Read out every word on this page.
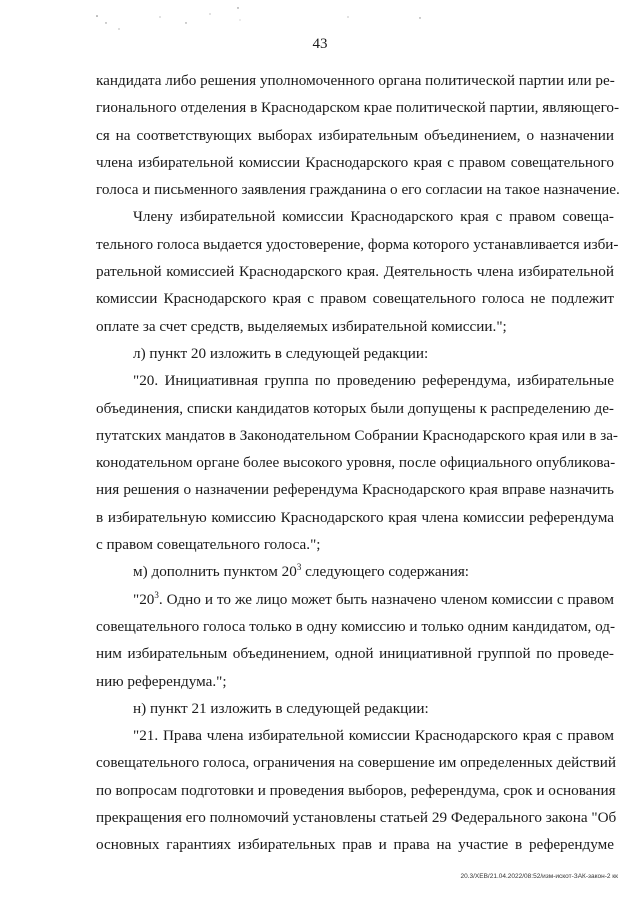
43

кандидата либо решения уполномоченного органа политической партии или ре-
гионального отделения в Краснодарском крае политической партии, являющего-
ся на соответствующих выборах избирательным объединением, о назначении
члена избирательной комиссии Краснодарского края с правом совещательного
голоса и письменного заявления гражданина о его согласии на такое назначение.

Члену избирательной комиссии Краснодарского края с правом совеща-
тельного голоса выдается удостоверение, форма которого устанавливается изби-
рательной комиссией Краснодарского края. Деятельность члена избирательной
комиссии Краснодарского края с правом совещательного голоса не подлежит
оплате за счет средств, выделяемых избирательной комиссии.";

л) пункт 20 изложить в следующей редакции:

"20. Инициативная группа по проведению референдума, избирательные
объединения, списки кандидатов которых были допущены к распределению де-
путатских мандатов в Законодательном Собрании Краснодарского края или в за-
конодательном органе более высокого уровня, после официального опубликова-
ния решения о назначении референдума Краснодарского края вправе назначить
в избирательную комиссию Краснодарского края члена комиссии референдума
с правом совещательного голоса.";

м) дополнить пунктом $20^3$ следующего содержания:

"$20^3$. Одно и то же лицо может быть назначено членом комиссии с правом
совещательного голоса только в одну комиссию и только одним кандидатом, од-
ним избирательным объединением, одной инициативной группой по проведе-
нию референдума.";

н) пункт 21 изложить в следующей редакции:

"21. Права члена избирательной комиссии Краснодарского края с правом
совещательного голоса, ограничения на совершение им определенных действий
по вопросам подготовки и проведения выборов, референдума, срок и основания
прекращения его полномочий установлены статьей 29 Федерального закона "Об
основных гарантиях избирательных прав и права на участие в референдуме

20.3/ХЕВ/21.04.2022/08:52/изм-искот-ЗАК-закон-2 кк
